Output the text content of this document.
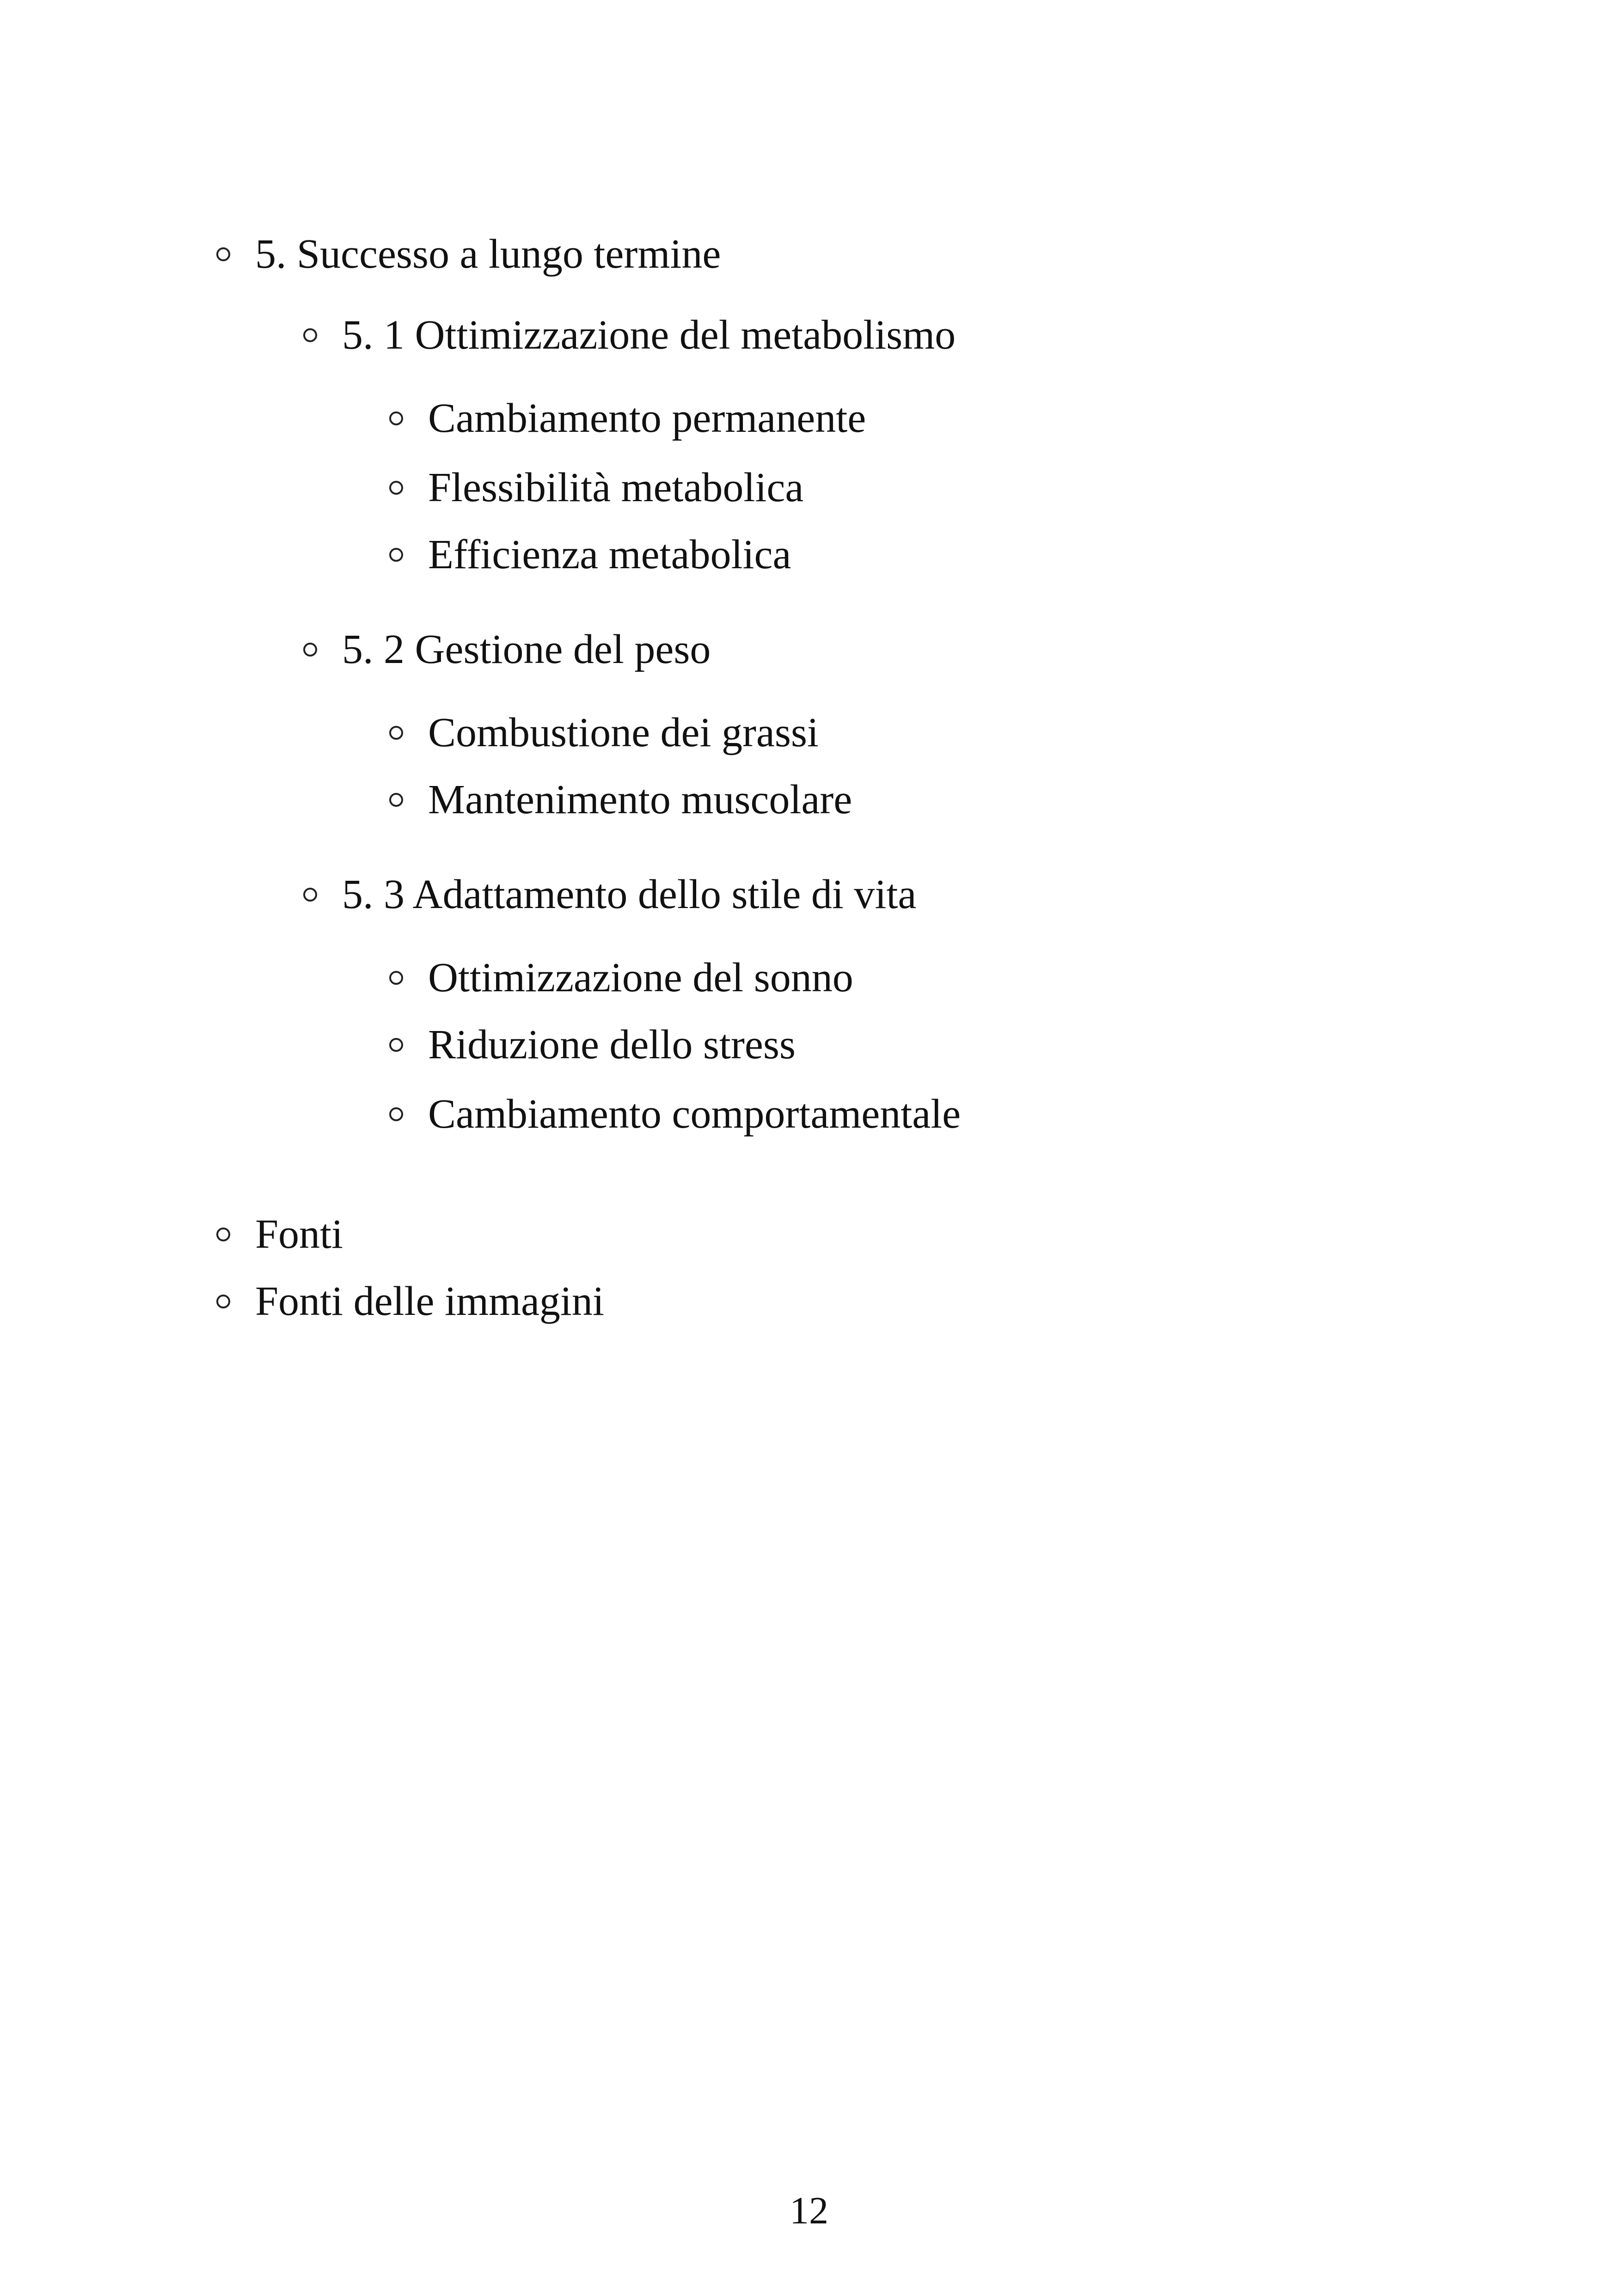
5. Successo a lungo termine
5. 1 Ottimizzazione del metabolismo
Cambiamento permanente
Flessibilità metabolica
Efficienza metabolica
5. 2 Gestione del peso
Combustione dei grassi
Mantenimento muscolare
5. 3 Adattamento dello stile di vita
Ottimizzazione del sonno
Riduzione dello stress
Cambiamento comportamentale
Fonti
Fonti delle immagini
12
